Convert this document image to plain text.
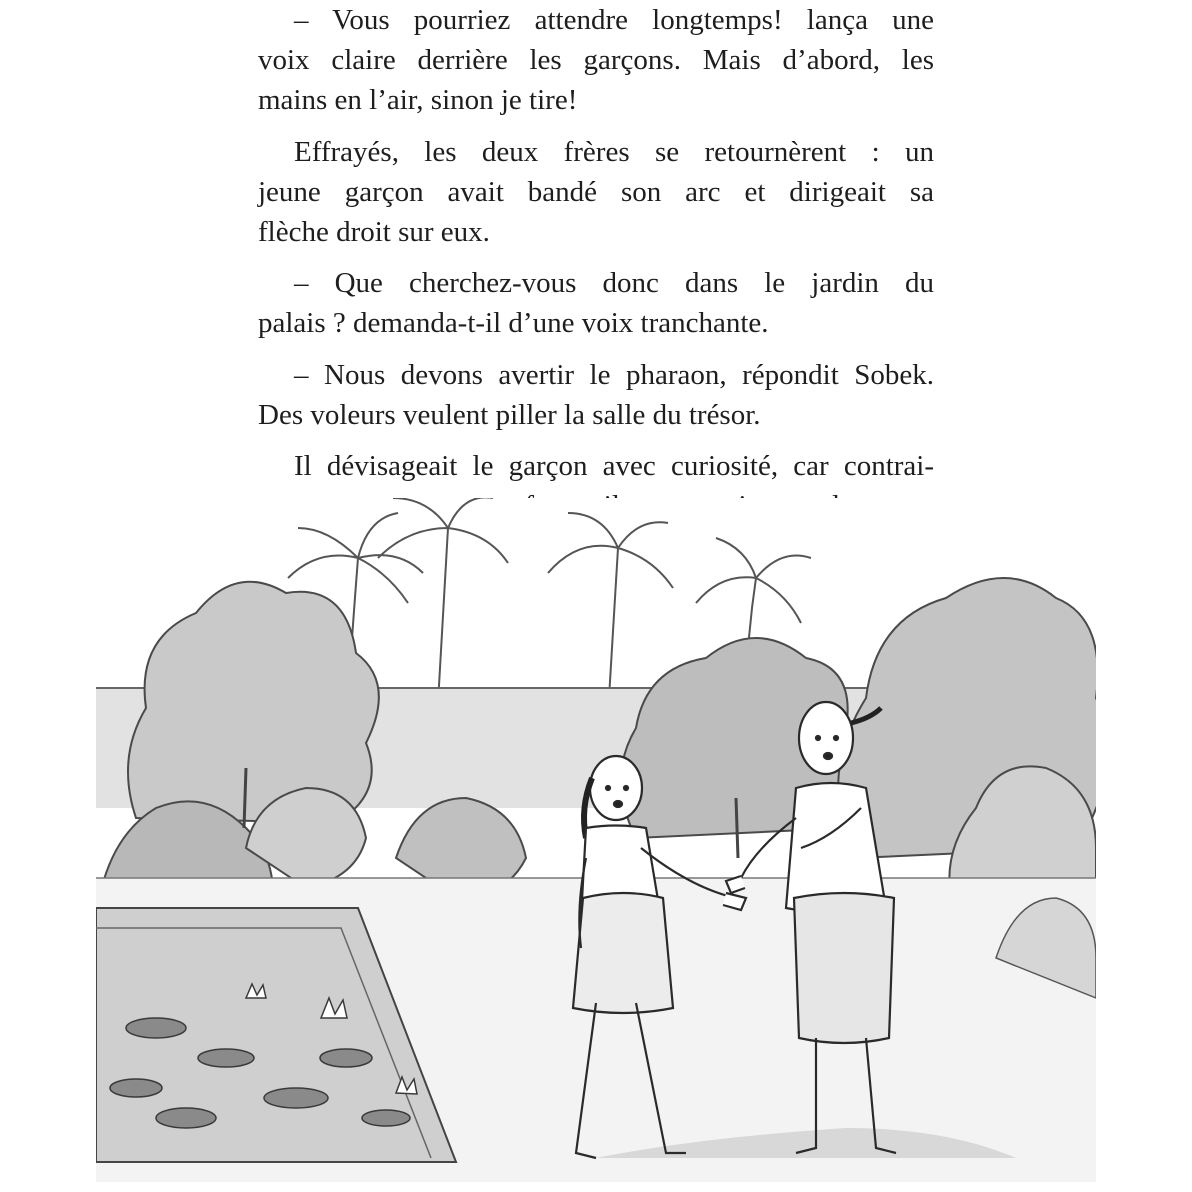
– Vous pourriez attendre longtemps! lança une
voix claire derrière les garçons. Mais d’abord, les
mains en l’air, sinon je tire!
Effrayés, les deux frères se retournèrent : un
jeune garçon avait bandé son arc et dirigeait sa
flèche droit sur eux.
– Que cherchez-vous donc dans le jardin du
palais ? demanda-t-il d’une voix tranchante.
– Nous devons avertir le pharaon, répondit Sobek.
Des voleurs veulent piller la salle du trésor.
Il dévisageait le garçon avec curiosité, car contrai-
